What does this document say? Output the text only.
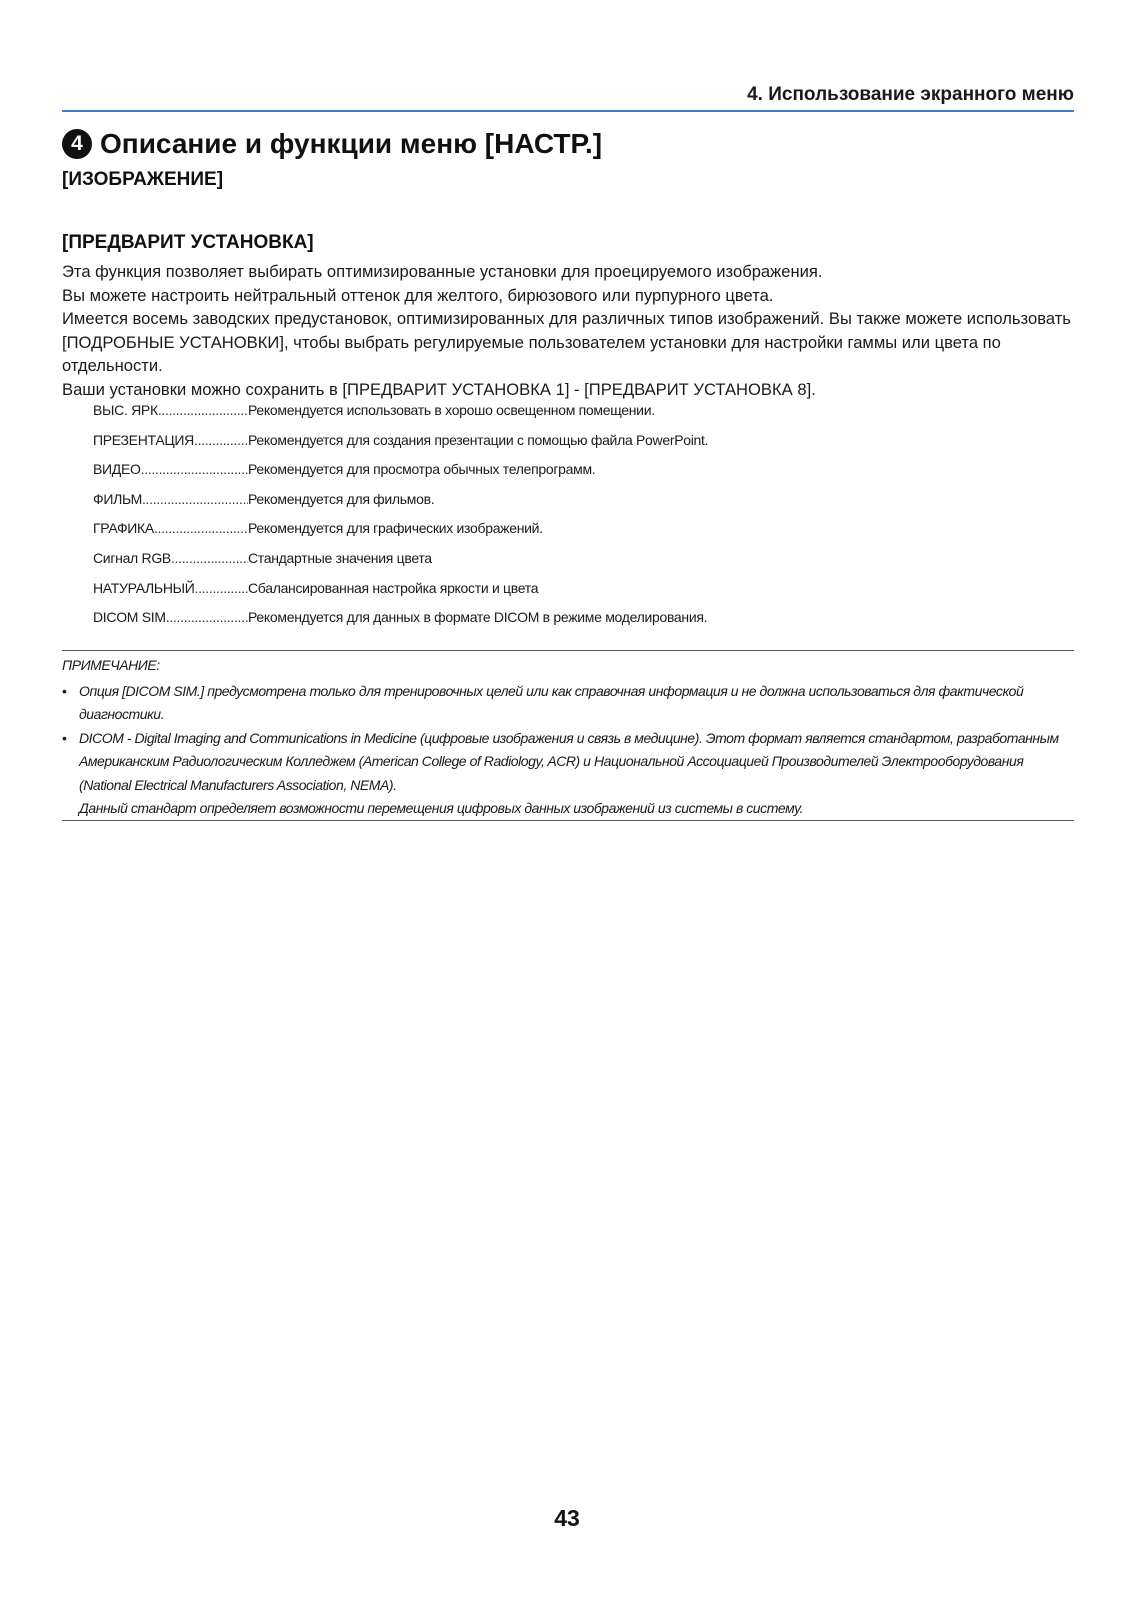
4. Использование экранного меню
4 Описание и функции меню [НАСТР.]
[ИЗОБРАЖЕНИЕ]
[ПРЕДВАРИТ УСТАНОВКА]

Эта функция позволяет выбирать оптимизированные установки для проецируемого изображения.

Вы можете настроить нейтральный оттенок для желтого, бирюзового или пурпурного цвета.

Имеется восемь заводских предустановок, оптимизированных для различных типов изображений. Вы также можете использовать [ПОДРОБНЫЕ УСТАНОВКИ], чтобы выбрать регулируемые пользователем установки для настройки гаммы или цвета по отдельности.

Ваши установки можно сохранить в [ПРЕДВАРИТ УСТАНОВКА 1] - [ПРЕДВАРИТ УСТАНОВКА 8].

ВЫС. ЯРК .....	Рекомендуется использовать в хорошо освещенном помещении.
ПРЕЗЕНТАЦИЯ .....	Рекомендуется для создания презентации с помощью файла PowerPoint.
ВИДЕО .....	Рекомендуется для просмотра обычных телепрограмм.
ФИЛЬМ .....	Рекомендуется для фильмов.
ГРАФИКА .....	Рекомендуется для графических изображений.
Сигнал RGB .....	Стандартные значения цвета
НАТУРАЛЬНЫЙ .....	Сбалансированная настройка яркости и цвета
DICOM SIM. .....	Рекомендуется для данных в формате DICOM в режиме моделирования.

ПРИМЕЧАНИЕ:

• Опция [DICOM SIM.] предусмотрена только для тренировочных целей или как справочная информация и не должна использоваться для фактической диагностики.

• DICOM - Digital Imaging and Communications in Medicine (цифровые изображения и связь в медицине). Этот формат является стандартом, разработанным Американским Радиологическим Колледжем (American College of Radiology, ACR) и Национальной Ассоциацией Производителей Электрооборудования (National Electrical Manufacturers Association, NEMA).

Данный стандарт определяет возможности перемещения цифровых данных изображений из системы в систему.

43
